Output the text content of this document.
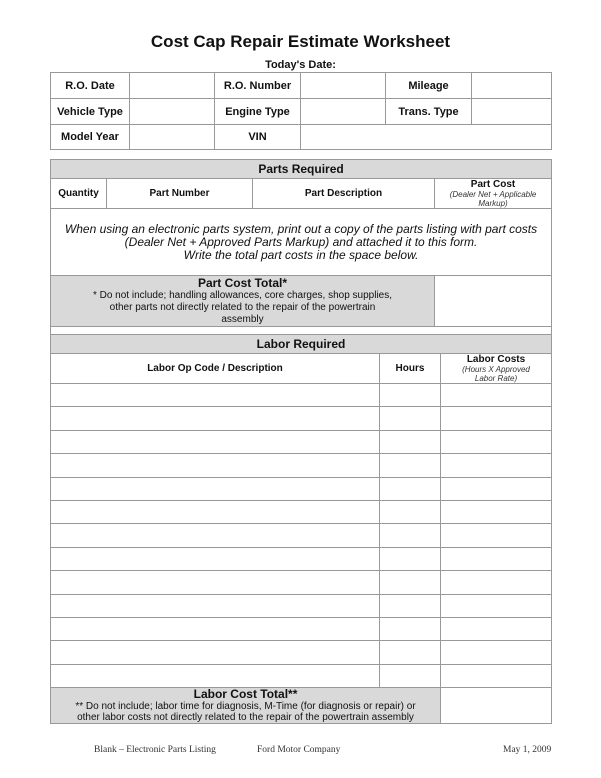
Cost Cap Repair Estimate Worksheet
Today's Date:
R.O. Date		R.O. Number		Mileage	
Vehicle Type		Engine Type		Trans. Type	
Model Year		VIN			
Parts Required			
Quantity	Part Number	Part Description	Part Cost
(Dealer Net + Applicable Markup)

When using an electronic parts system, print out a copy of the parts listing with part costs
(Dealer Net + Approved Parts Markup) and attached it to this form.
Write the total part costs in the space below.			

Part Cost Total*
* Do not include; handling allowances, core charges, shop supplies, other parts not directly related to the repair of the powertrain assembly			

Labor Required		
Labor Op Code / Description	Hours	Labor Costs
(Hours X Approved Labor Rate)

Labor Cost Total**
** Do not include; labor time for diagnosis, M-Time (for diagnosis or repair) or other labor costs not directly related to the repair of the powertrain assembly		

Blank – Electronic Parts Listing	Ford Motor Company	May 1, 2009
